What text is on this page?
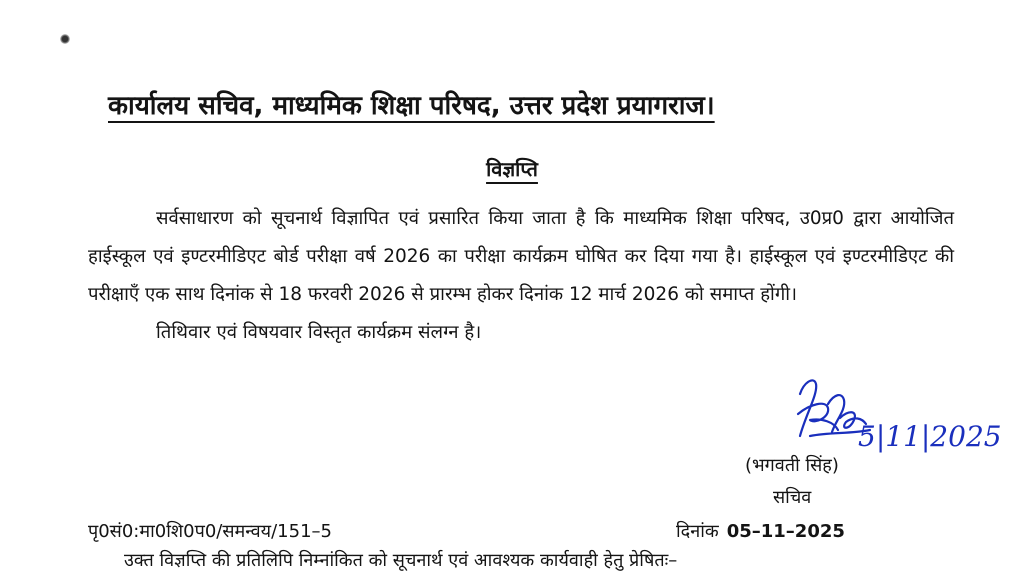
कार्यालय सचिव, माध्यमिक शिक्षा परिषद, उत्तर प्रदेश प्रयागराज।
विज्ञप्ति

सर्वसाधारण को सूचनार्थ विज्ञापित एवं प्रसारित किया जाता है कि माध्यमिक शिक्षा परिषद, उ0प्र0 द्वारा आयोजित हाईस्कूल एवं इण्टरमीडिएट बोर्ड परीक्षा वर्ष 2026 का परीक्षा कार्यक्रम घोषित कर दिया गया है। हाईस्कूल एवं इण्टरमीडिएट की परीक्षाएँ एक साथ दिनांक से 18 फरवरी 2026 से प्रारम्भ होकर दिनांक 12 मार्च 2026 को समाप्त होंगी।

तिथिवार एवं विषयवार विस्तृत कार्यक्रम संलग्न है।

5|11|2025
(भगवती सिंह)
सचिव
पृ0सं0:मा0शि0प0/समन्वय/151–5	दिनांक 05–11–2025
उक्त विज्ञप्ति की प्रतिलिपि निम्नांकित को सूचनार्थ एवं आवश्यक कार्यवाही हेतु प्रेषितः–
